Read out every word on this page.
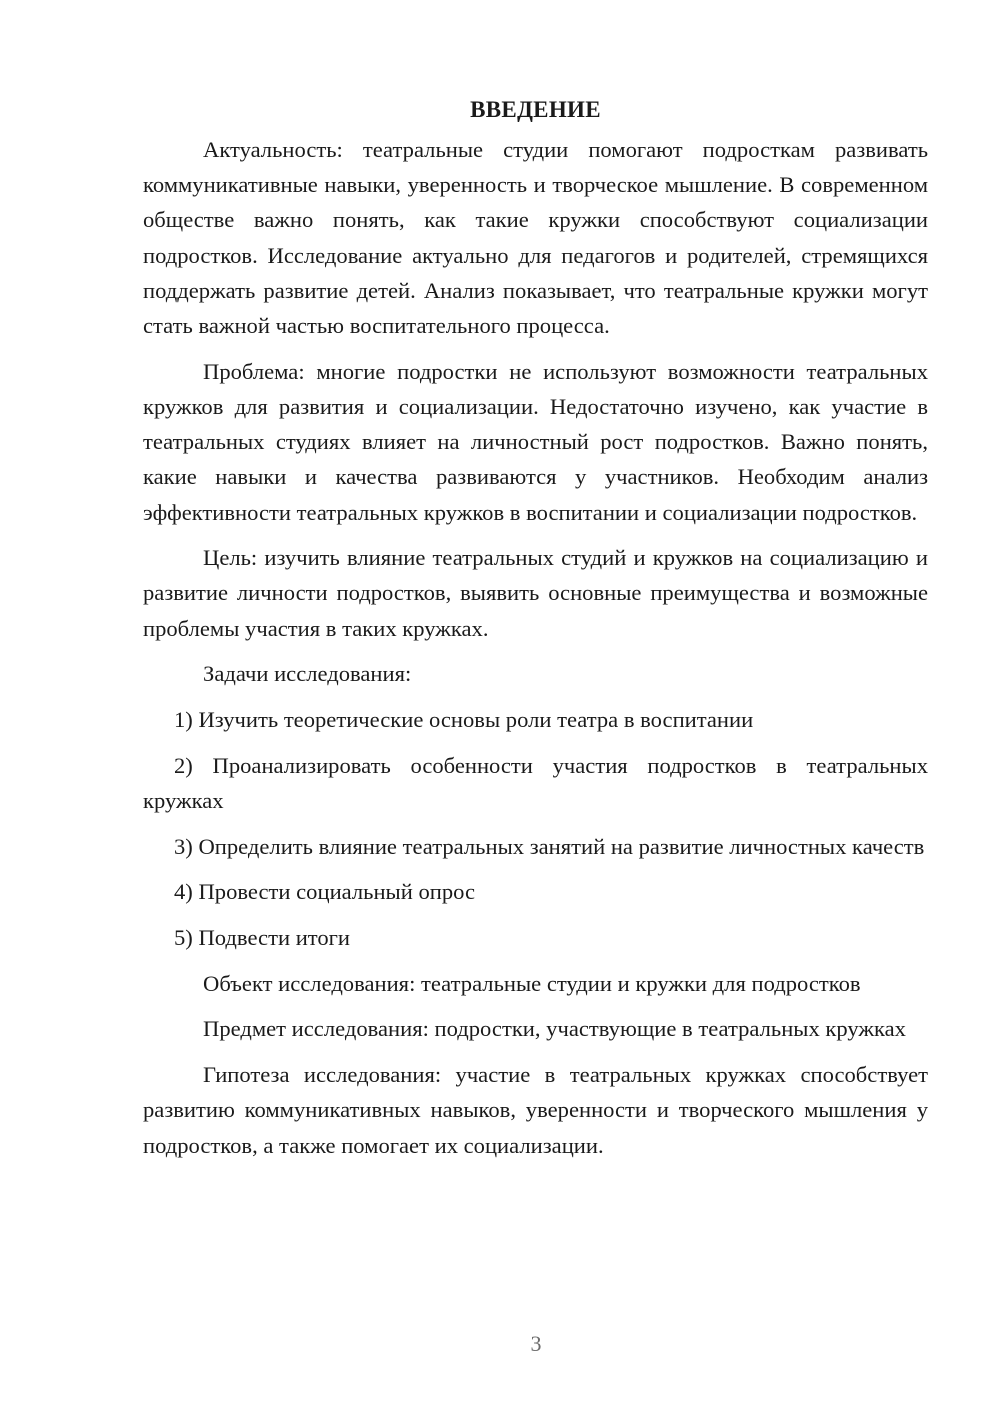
ВВЕДЕНИЕ

Актуальность: театральные студии помогают подросткам развивать коммуникативные навыки, уверенность и творческое мышление. В современном обществе важно понять, как такие кружки способствуют социализации подростков. Исследование актуально для педагогов и родителей, стремящихся поддержать развитие детей. Анализ показывает, что театральные кружки могут стать важной частью воспитательного процесса.

Проблема: многие подростки не используют возможности театральных кружков для развития и социализации. Недостаточно изучено, как участие в театральных студиях влияет на личностный рост подростков. Важно понять, какие навыки и качества развиваются у участников. Необходим анализ эффективности театральных кружков в воспитании и социализации подростков.

Цель: изучить влияние театральных студий и кружков на социализацию и развитие личности подростков, выявить основные преимущества и возможные проблемы участия в таких кружках.

Задачи исследования:

1) Изучить теоретические основы роли театра в воспитании

2) Проанализировать особенности участия подростков в театральных кружках

3) Определить влияние театральных занятий на развитие личностных качеств

4) Провести социальный опрос

5) Подвести итоги

Объект исследования: театральные студии и кружки для подростков

Предмет исследования: подростки, участвующие в театральных кружках

Гипотеза исследования: участие в театральных кружках способствует развитию коммуникативных навыков, уверенности и творческого мышления у подростков, а также помогает их социализации.

3
